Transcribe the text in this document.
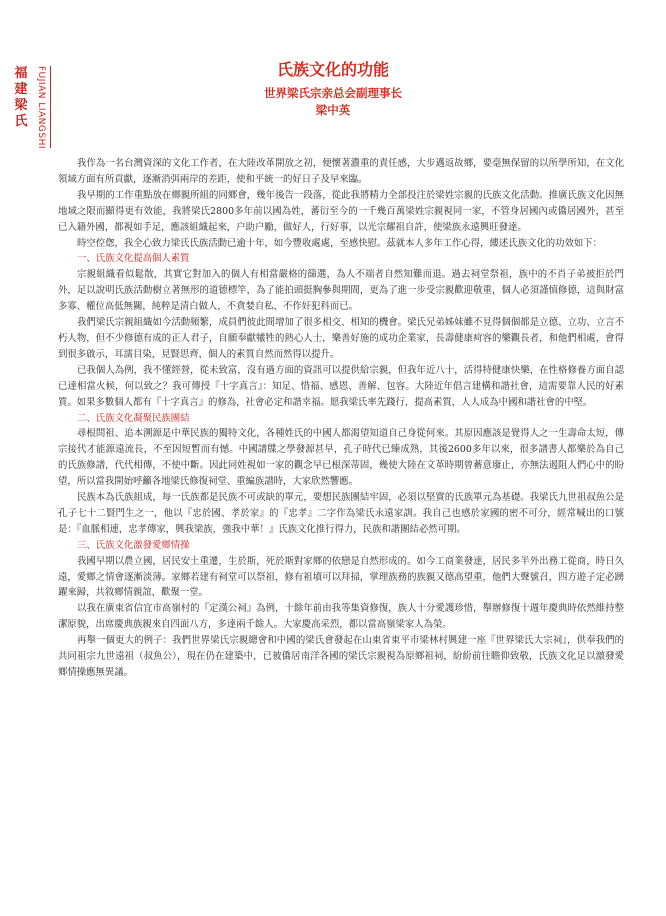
福建梁氏 FUJIAN LIANGSHI	氏族文化的功能
世界梁氏宗亲总会副理事长
梁中英

我作為一名台灣資深的文化工作者，在大陸改革開放之初，便懷著濃重的責任感，大步邁返故鄉，要毫無保留的以所學所知，在文化領域方面有所貢獻，逐漸消弭兩岸的差距，使和平統一的好日子及早來臨。

我早期的工作重點放在鄉親所組的同鄉會，幾年後告一段落，從此我將精力全部投注於梁姓宗親的氏族文化活動。推廣氏族文化因無地域之限而顯得更有效能，我將梁氏2800多年前以國為姓，蕃衍至今的一千幾百萬梁姓宗親視同一家，不管身居國內或僑居國外，甚至已入籍外國，都視如手足，應該組織起來，户助户勵，做好人，行好事，以光宗耀祖自許，使梁族永遠興旺發達。

時空倥偬，我全心致力梁氏氏族活動已逾十年，如今豐收處處，至感快慰。茲就本人多年工作心得，縷述氏族文化的功效如下：

一、氏族文化提高個人素質

宗親組織看似鬆散，其實它對加入的個人有相當嚴格的篩選，為人不端者自然知難而退。過去祠堂祭祖，族中的不肖子弟被拒於門外，足以說明氏族活動樹立著無形的道德標竿，為了能拍頭挺胸參與期間，更為了進一步受宗親歡迎敬重，個人必須謹慎修德，這與財富多寡、權位高低無關，純粹是清白做人，不貪婪自私，不作奸犯科而已。

我們梁氏宗親組織如今活動頻繁，成員們彼此間增加了很多相交、相知的機會。梁氏兄弟姊妹雖不見得個個都是立德、立功、立言不朽人物，但不少修德有成的正人君子，自願奉獻犧牲的熱心人士，樂善好施的成功企業家，長壽健康疴容的樂觀長者，和他們相處，會得到很多啟示，耳濡目染，見賢思齊，個人的素質自然而然得以提升。

已我個人為例，我不懂經營，從未致富，沒有過方面的資訊可以提供給宗親，但我年近八十，活得特健康快樂，在性格修養方面自認已達相當火候，何以致之？我可傳授『十字真言』：知足、惜福、感恩、善解、包容。大陸近年倡言建構和諧社會，這需要靠人民的好素質。如果多數個人都有『十字真言』的修為，社會必定和諧幸福。愿我梁氏率先踐行，提高素質，人人成為中國和諧社會的中堅。

二、氏族文化凝聚民族團結

尋根問祖、追本溯源是中華民族的獨特文化，各種姓氏的中國人都渴望知道自己身從何來。其原因應該是覺得人之一生壽命太短，傳宗接代才能源遠流長，不至因短暫而有憾。中國譜牒之學發源甚早，孔子時代已臻成熟，其後2600多年以來，很多譜書人都樂於為自己的氏族修譜，代代相傳，不使中斷。因此同姓視如一家的觀念早已根深蒂固，幾使大陸在文革時期曾蓄意廢止，亦無法遏阻人們心中的盼望，所以當我開始呼籲各地梁氏修復祠堂、重編族譜時，大家欣然響應。

民族本為氏族組成，每一氏族都是民族不可或缺的單元，要想民族團結牢固，必須以堅實的氏族單元為基礎。我梁氏九世祖叔魚公是孔子七十二賢門生之一，他以『忠於國、孝於家』的『忠孝』二字作為梁氏永遠家訓。我自己也感於家國的密不可分，經常喊出的口號是：『血脈相連，忠孝傳家，興我梁族，強我中華！』氏族文化推行得力，民族和諧團結必然可期。

三、氏族文化激發愛鄉情操

我國早期以農立國，居民安土重遷，生於斯，死於斯對家鄉的依戀是自然形成的。如今工商業發達，居民多半外出務工從商，時日久遠，愛鄉之情會逐漸淡薄。家鄉若建有祠堂可以祭祖，修有祖墳可以拜掃，掌理族務的族親又德高望重，他們大聲號召，四方遊子定必踴躍來歸，共敘鄉情親誼，歡聚一堂。

以我在廣東省信宜市高嶺村的『定漢公祠』為例，十餘年前由我等集資修復，族人十分愛護珍惜，舉辦修復十週年慶典時依然維持整潔原貌，出席慶典族親來自四面八方，多達兩千餘人。大家慶高采烈，都以當高嶺梁家人為榮。

再舉一個更大的例子：我們世界梁氏宗親總會和中國的梁氏會發起在山東省東平市梁林村興建一座『世界梁氏大宗祠』，供奉我們的共同祖宗九世遠祖（叔魚公），現在仍在建築中，已被僑居南洋各國的梁氏宗親視為原鄉祖祠，紛紛前往瞻仰致敬，氏族文化足以激發愛鄉情操應無異議。
